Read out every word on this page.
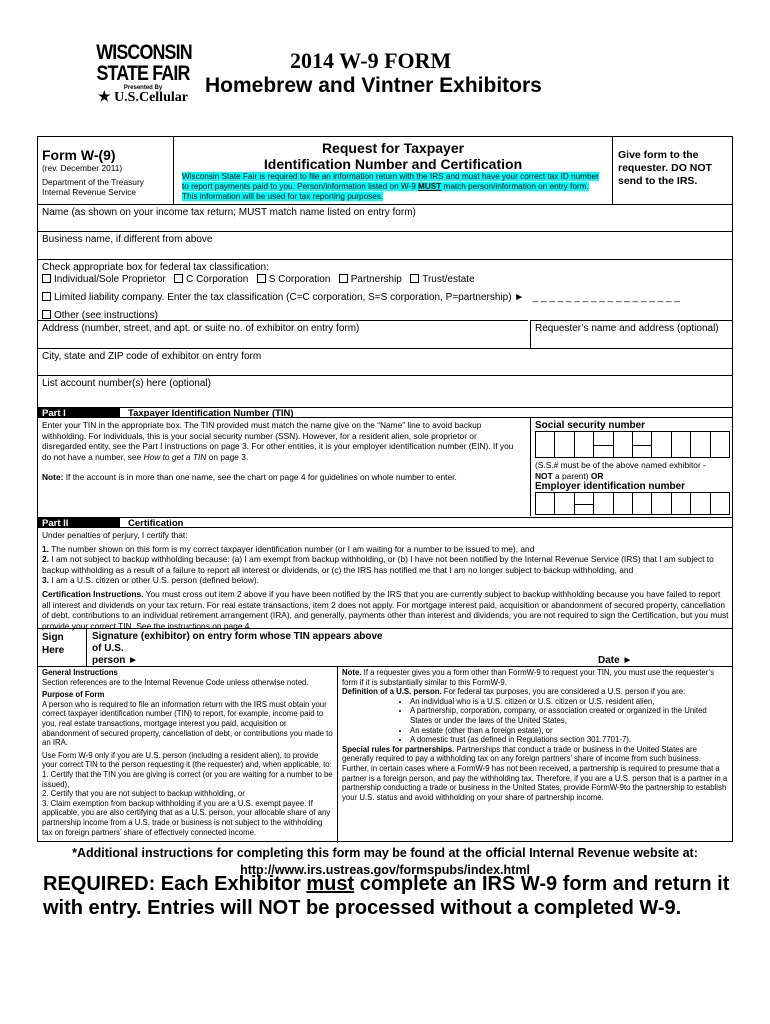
WISCONSIN
STATE FAIR
Presented By
★ U.S.Cellular
2014 W-9 FORM
Homebrew and Vintner Exhibitors
Form W-(9)
(rev. December 2011)
Department of the Treasury
Internal Revenue Service
Request for Taxpayer
Identification Number and Certification
Wisconsin State Fair is required to file an information return with the IRS and must have your correct tax ID number to report payments paid to you. Person/information listed on W-9 MUST match person/information on entry form. This information will be used for tax reporting purposes.
Give form to the requester. DO NOT send to the IRS.
Name (as shown on your income tax return; MUST match name listed on entry form)
Business name, if different from above
Check appropriate box for federal tax classification:
Individual/Sole Proprietor C Corporation S Corporation Partnership Trust/estate
Limited liability company. Enter the tax classification (C=C corporation, S=S corporation, P=partnership) ► _ _ _ _ _ _ _ _ _ _ _ _ _ _ _ _ _ _
Other (see instructions)
Address (number, street, and apt. or suite no. of exhibitor on entry form)	Requester’s name and address (optional)
City, state and ZIP code of exhibitor on entry form
List account number(s) here (optional)
Part I	Taxpayer Identification Number (TIN)
Enter your TIN in the appropriate box. The TIN provided must match the name give on the “Name” line to avoid backup withholding. For individuals, this is your social security number (SSN). However, for a resident alien, sole proprietor or disregarded entity, see the Part I instructions on page 3. For other entities, it is your employer identification number (EIN). If you do not have a number, see How to get a TIN on page 3.
Note: If the account is in more than one name, see the chart on page 4 for guidelines on whole number to enter.
Social security number
(S.S.# must be of the above named exhibitor -
NOT a parent) OR
Employer identification number
Part II	Certification
Under penalties of perjury, I certify that:
1. The number shown on this form is my correct taxpayer identification number (or I am waiting for a number to be issued to me), and
2. I am not subject to backup withholding because: (a) I am exempt from backup withholding, or (b) I have not been notified by the Internal Revenue Service (IRS) that I am subject to backup withholding as a result of a failure to report all interest or dividends, or (c) the IRS has notified me that I am no longer subject to backup withholding, and
3. I am a U.S. citizen or other U.S. person (defined below).
Certification Instructions. You must cross out item 2 above if you have been notified by the IRS that you are currently subject to backup withholding because you have failed to report all interest and dividends on your tax return. For real estate transactions, item 2 does not apply. For mortgage interest paid, acquisition or abandonment of secured property, cancellation of debt, contributions to an individual retirement arrangement (IRA), and generally, payments other than interest and dividends, you are not required to sign the Certification, but you must provide your correct TIN. See the instructions on page 4.
Sign
Here
Signature (exhibitor) on entry form whose TIN appears above
of U.S.
person ►	Date ►
General Instructions
Section references are to the Internal Revenue Code unless otherwise noted.
Purpose of Form
A person who is required to file an information return with the IRS must obtain your correct taxpayer identification number (TIN) to report, for example, income paid to you, real estate transactions, mortgage interest you paid, acquisition or abandonment of secured property, cancellation of debt, or contributions you made to an IRA.
Use Form W-9 only if you are U.S. person (including a resident alien), to provide your correct TIN to the person requesting it (the requester) and, when applicable, to:
1. Certify that the TIN you are giving is correct (or you are waiting for a number to be issued),
2. Certify that you are not subject to backup withholding, or
3. Claim exemption from backup withholding if you are a U.S. exempt payee. If applicable, you are also certifying that as a U.S. person, your allocable share of any partnership income from a U.S. trade or business is not subject to the withholding tax on foreign partners’ share of effectively connected income.
Note. If a requester gives you a form other than FormW-9 to request your TIN, you must use the requester’s form if it is substantially similar to this FormW-9.
Definition of a U.S. person. For federal tax purposes, you are considered a U.S. person if you are:
• An individual who is a U.S. citizen or U.S. citizen or U.S. resident alien,
• A partnership, corporation, company, or association created or organized in the United States or under the laws of the United States,
• An estate (other than a foreign estate), or
• A domestic trust (as defined in Regulations section 301.7701-7).
Special rules for partnerships. Partnerships that conduct a trade or business in the United States are generally required to pay a withholding tax on any foreign partners’ share of income from such business. Further, in certain cases where a FormW-9 has not been received, a partnership is required to presume that a partner is a foreign person, and pay the withholding tax. Therefore, if you are a U.S. person that is a partner in a partnership conducting a trade or business in the United States, provide FormW-9to the partnership to establish your U.S. status and avoid withholding on your share of partnership income.
*Additional instructions for completing this form may be found at the official Internal Revenue website at:
http://www.irs.ustreas.gov/formspubs/index.html
REQUIRED: Each Exhibitor must complete an IRS W-9 form and return it with entry. Entries will NOT be processed without a completed W-9.
